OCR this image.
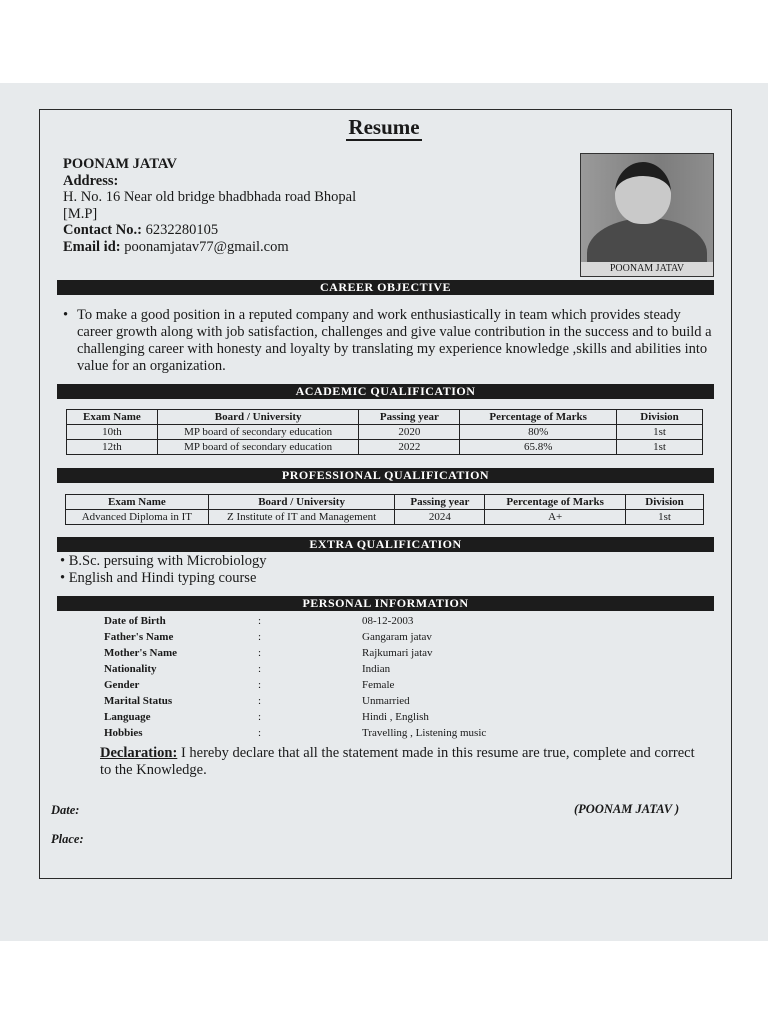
Resume
POONAM JATAV
Address:
H. No. 16 Near old bridge bhadbhada road Bhopal
[M.P]
Contact No.: 6232280105
Email id: poonamjatav77@gmail.com
POONAM JATAV
CAREER OBJECTIVE
• To make a good position in a reputed company and work enthusiastically in team which provides steady career growth along with job satisfaction, challenges and give value contribution in the success and to build a challenging career with honesty and loyalty by translating my experience knowledge ,skills and abilities into value for an organization.
ACADEMIC QUALIFICATION
Exam Name	Board / University	Passing year	Percentage of Marks	Division
10th	MP board of secondary education	2020	80%	1st
12th	MP board of secondary education	2022	65.8%	1st
PROFESSIONAL QUALIFICATION
Exam Name	Board / University	Passing year	Percentage of Marks	Division
Advanced Diploma in IT	Z Institute of IT and Management	2024	A+	1st
EXTRA QUALIFICATION
• B.Sc. persuing with Microbiology
• English and Hindi typing course
PERSONAL INFORMATION
Date of Birth	:	08-12-2003
Father's Name	:	Gangaram jatav
Mother's Name	:	Rajkumari jatav
Nationality	:	Indian
Gender	:	Female
Marital Status	:	Unmarried
Language	:	Hindi , English
Hobbies	:	Travelling , Listening music
Declaration: I hereby declare that all the statement made in this resume are true, complete and correct to the Knowledge.
Date:
Place:
(POONAM JATAV )
